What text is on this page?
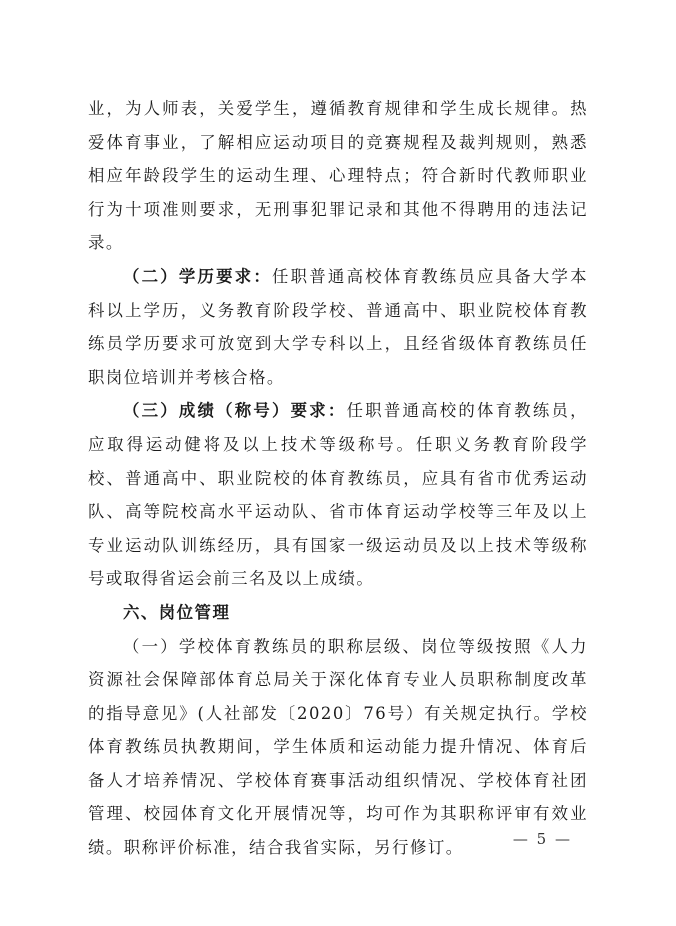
业，为人师表，关爱学生，遵循教育规律和学生成长规律。热爱体育事业，了解相应运动项目的竞赛规程及裁判规则，熟悉相应年龄段学生的运动生理、心理特点；符合新时代教师职业行为十项准则要求，无刑事犯罪记录和其他不得聘用的违法记录。

（二）学历要求：任职普通高校体育教练员应具备大学本科以上学历，义务教育阶段学校、普通高中、职业院校体育教练员学历要求可放宽到大学专科以上，且经省级体育教练员任职岗位培训并考核合格。

（三）成绩（称号）要求：任职普通高校的体育教练员，应取得运动健将及以上技术等级称号。任职义务教育阶段学校、普通高中、职业院校的体育教练员，应具有省市优秀运动队、高等院校高水平运动队、省市体育运动学校等三年及以上专业运动队训练经历，具有国家一级运动员及以上技术等级称号或取得省运会前三名及以上成绩。

六、岗位管理

（一）学校体育教练员的职称层级、岗位等级按照《人力资源社会保障部体育总局关于深化体育专业人员职称制度改革的指导意见》(人社部发〔2020〕76号）有关规定执行。学校体育教练员执教期间，学生体质和运动能力提升情况、体育后备人才培养情况、学校体育赛事活动组织情况、学校体育社团管理、校园体育文化开展情况等，均可作为其职称评审有效业绩。职称评价标准，结合我省实际，另行修订。	— 5 —
